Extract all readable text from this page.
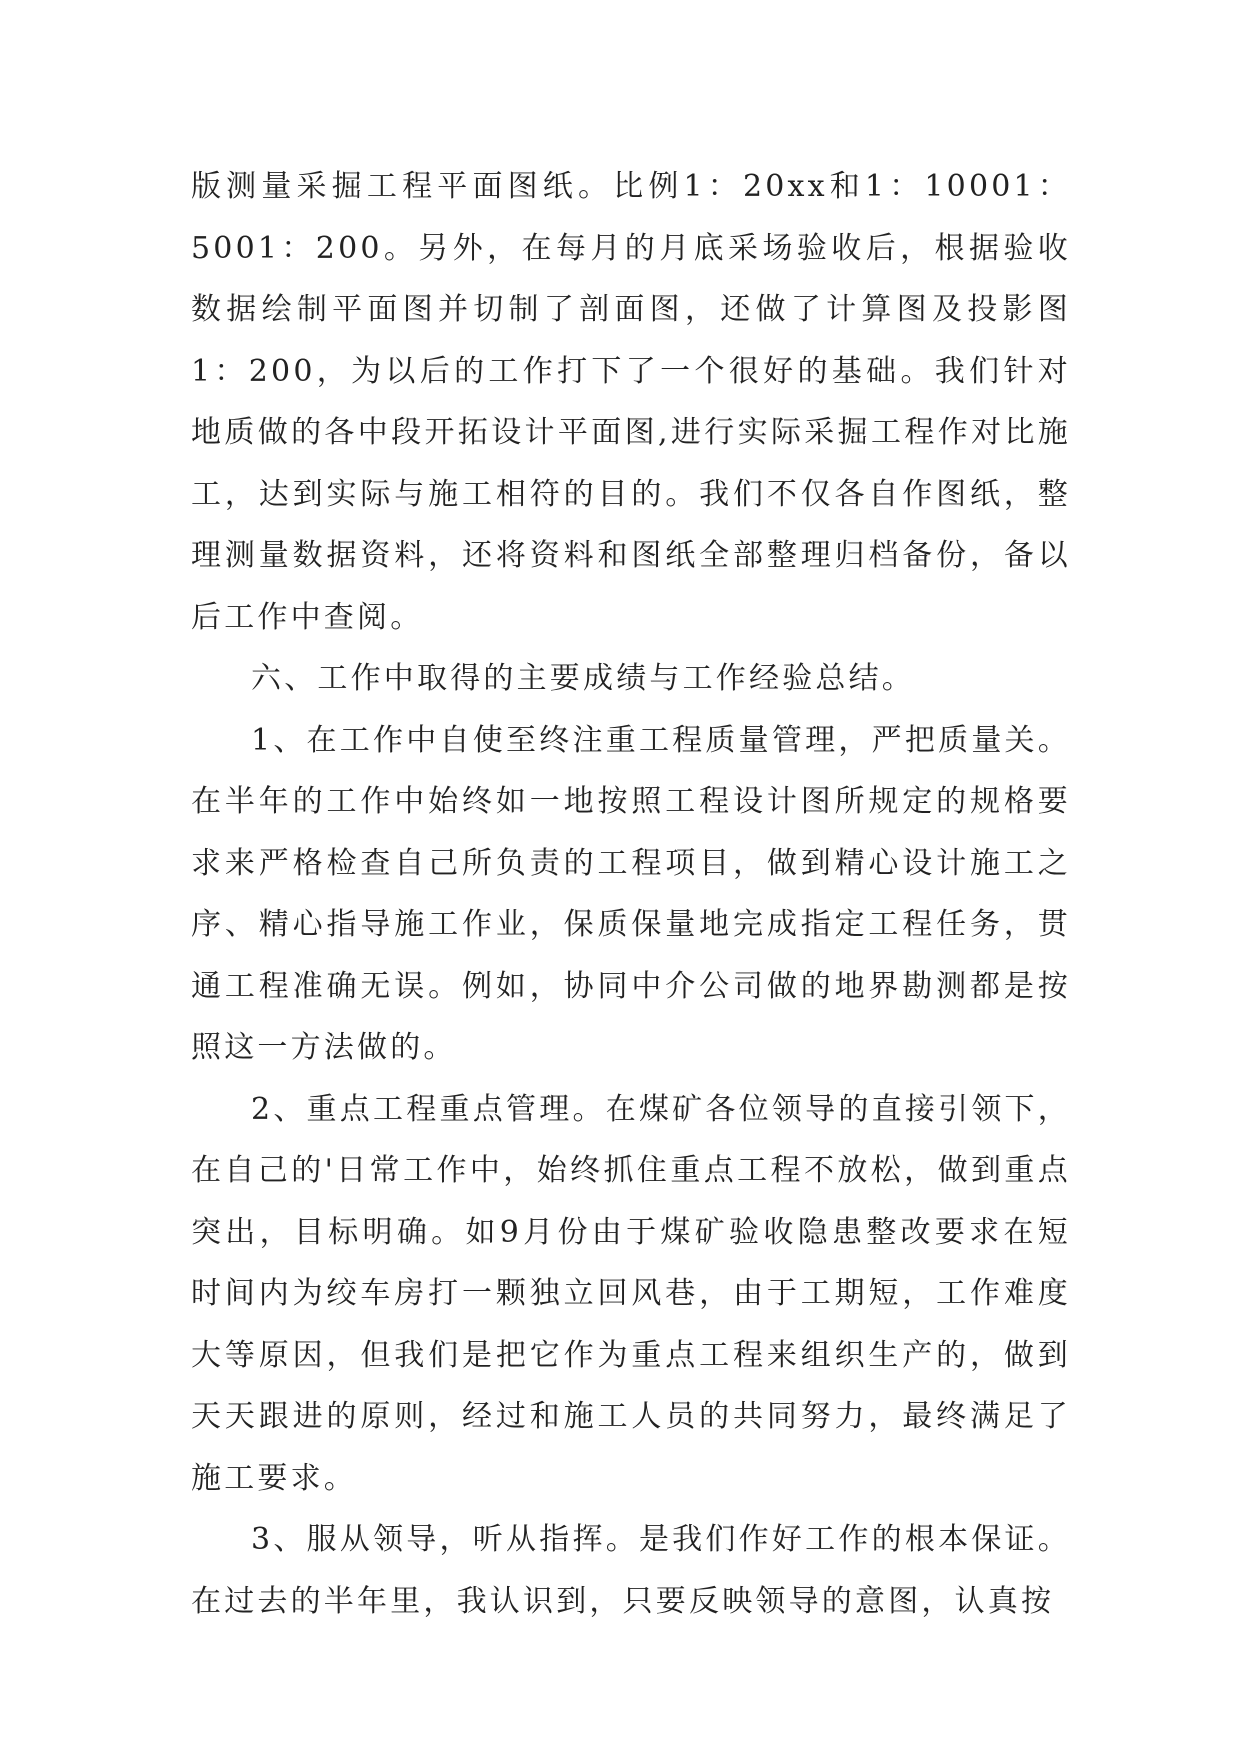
版测量采掘工程平面图纸。比例1：20xx和1：10001：5001：200。另外，在每月的月底采场验收后，根据验收数据绘制平面图并切制了剖面图，还做了计算图及投影图1：200，为以后的工作打下了一个很好的基础。我们针对地质做的各中段开拓设计平面图,进行实际采掘工程作对比施工，达到实际与施工相符的目的。我们不仅各自作图纸，整理测量数据资料，还将资料和图纸全部整理归档备份，备以后工作中查阅。

六、工作中取得的主要成绩与工作经验总结。

1、在工作中自使至终注重工程质量管理，严把质量关。在半年的工作中始终如一地按照工程设计图所规定的规格要求来严格检查自己所负责的工程项目，做到精心设计施工之序、精心指导施工作业，保质保量地完成指定工程任务，贯通工程准确无误。例如，协同中介公司做的地界勘测都是按照这一方法做的。

2、重点工程重点管理。在煤矿各位领导的直接引领下，在自己的'日常工作中，始终抓住重点工程不放松，做到重点突出，目标明确。如9月份由于煤矿验收隐患整改要求在短时间内为绞车房打一颗独立回风巷，由于工期短，工作难度大等原因，但我们是把它作为重点工程来组织生产的，做到天天跟进的原则，经过和施工人员的共同努力，最终满足了施工要求。

3、服从领导，听从指挥。是我们作好工作的根本保证。在过去的半年里，我认识到，只要反映领导的意图，认真按
